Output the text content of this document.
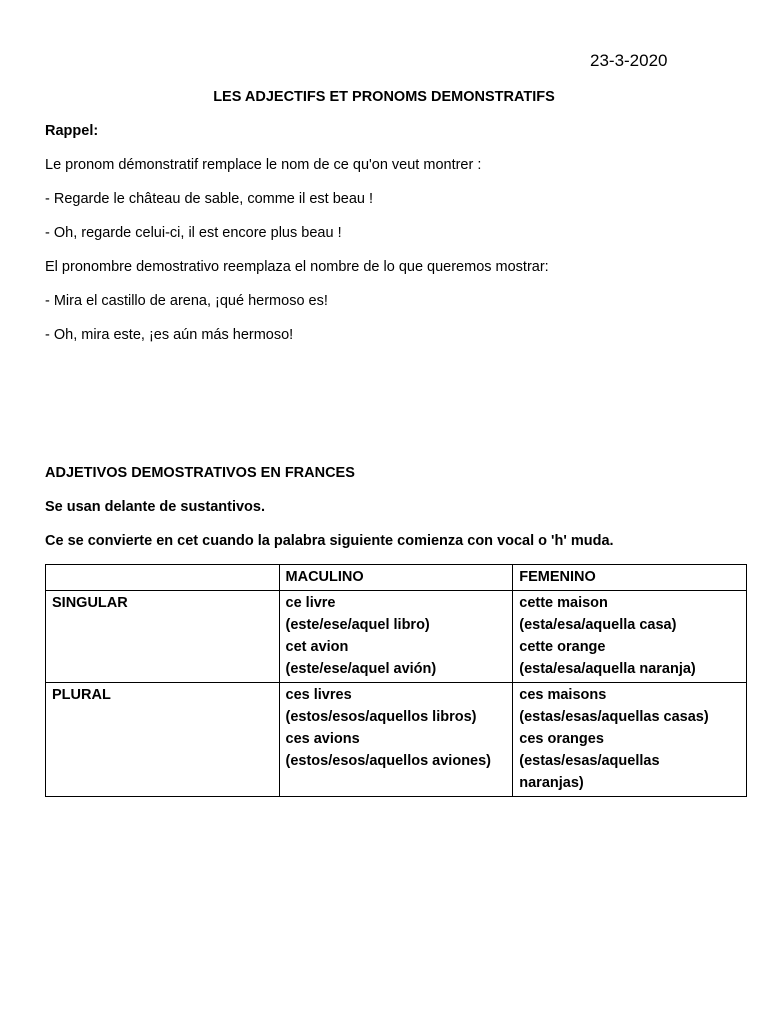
23-3-2020
LES ADJECTIFS ET PRONOMS DEMONSTRATIFS
Rappel:
Le pronom démonstratif remplace le nom de ce qu'on veut montrer :
- Regarde le château de sable, comme il est beau !
- Oh, regarde celui-ci, il est encore plus beau !
El pronombre demostrativo reemplaza el nombre de lo que queremos mostrar:
- Mira el castillo de arena, ¡qué hermoso es!
- Oh, mira este, ¡es aún más hermoso!
ADJETIVOS DEMOSTRATIVOS EN FRANCES
Se usan delante de sustantivos.
Ce se convierte en cet cuando la palabra siguiente comienza con vocal o 'h' muda.

	MACULINO	FEMENINO

SINGULAR	ce livre
(este/ese/aquel libro)
cet avion
(este/ese/aquel avión)	cette maison
(esta/esa/aquella casa)
cette orange
(esta/esa/aquella naranja)

PLURAL	ces livres
(estos/esos/aquellos libros)
ces avions
(estos/esos/aquellos aviones)	ces maisons
(estas/esas/aquellas casas)
ces oranges
(estas/esas/aquellas
naranjas)
